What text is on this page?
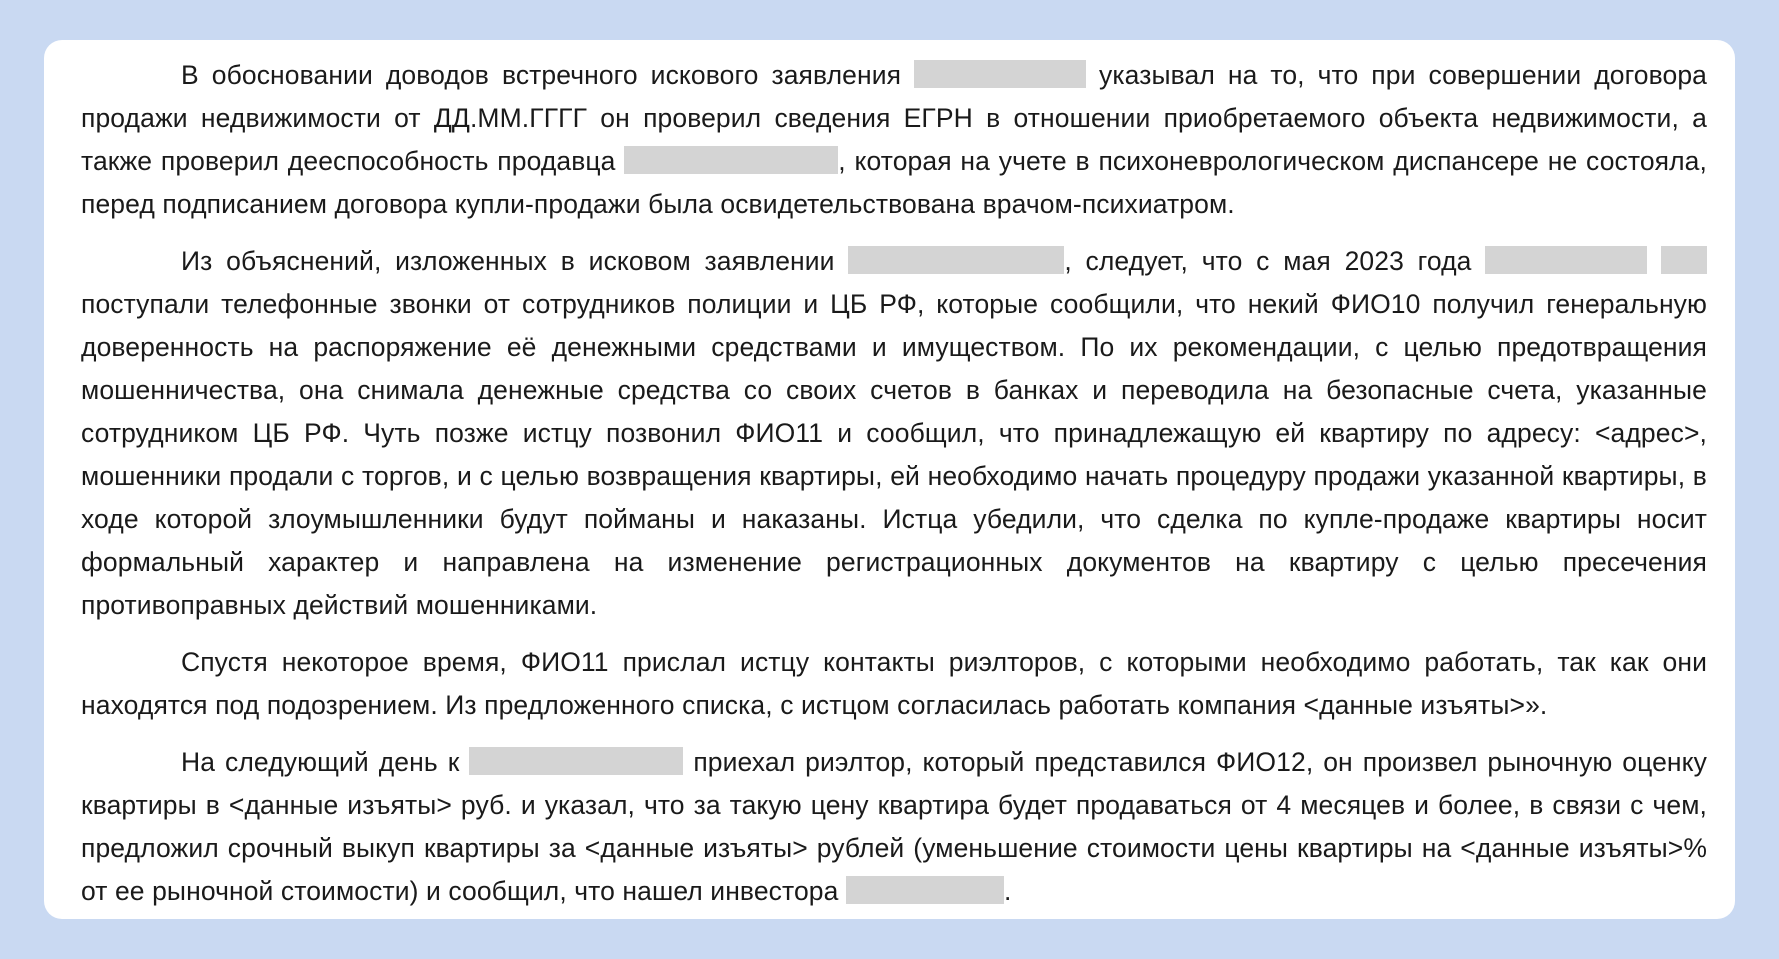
В обосновании доводов встречного искового заявления	указывал на то, что при совершении договора продажи недвижимости от ДД.ММ.ГГГГ он проверил сведения ЕГРН в отношении приобретаемого объекта недвижимости, а также проверил дееспособность продавца	, которая на учете в психоневрологическом диспансере не состояла, перед подписанием договора купли-продажи была освидетельствована врачом-психиатром.

Из объяснений, изложенных в исковом заявлении	, следует, что с мая 2023 года   поступали телефонные звонки от сотрудников полиции и ЦБ РФ, которые сообщили, что некий ФИО10 получил генеральную доверенность на распоряжение её денежными средствами и имуществом. По их рекомендации, с целью предотвращения мошенничества, она снимала денежные средства со своих счетов в банках и переводила на безопасные счета, указанные сотрудником ЦБ РФ. Чуть позже истцу позвонил ФИО11 и сообщил, что принадлежащую ей квартиру по адресу: <адрес>, мошенники продали с торгов, и с целью возвращения квартиры, ей необходимо начать процедуру продажи указанной квартиры, в ходе которой злоумышленники будут пойманы и наказаны. Истца убедили, что сделка по купле-продаже квартиры носит формальный характер и направлена на изменение регистрационных документов на квартиру с целью пресечения противоправных действий мошенниками.

Спустя некоторое время, ФИО11 прислал истцу контакты риэлторов, с которыми необходимо работать, так как они находятся под подозрением. Из предложенного списка, с истцом согласилась работать компания <данные изъяты>».

На следующий день к	приехал риэлтор, который представился ФИО12, он произвел рыночную оценку квартиры в <данные изъяты> руб. и указал, что за такую цену квартира будет продаваться от 4 месяцев и более, в связи с чем, предложил срочный выкуп квартиры за <данные изъяты> рублей (уменьшение стоимости цены квартиры на <данные изъяты>% от ее рыночной стоимости) и сообщил, что нашел инвестора	.
